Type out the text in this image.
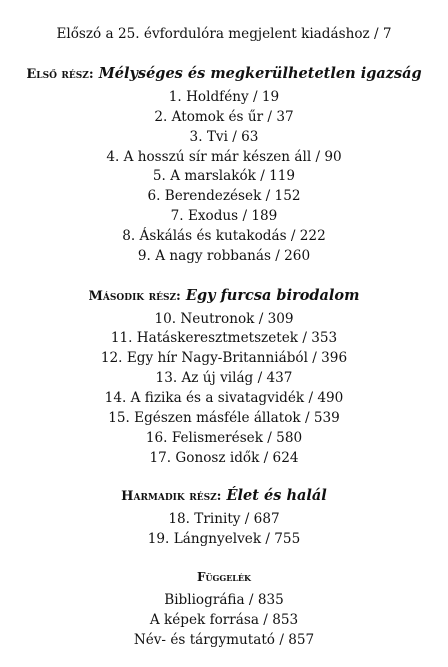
Előszó a 25. évfordulóra megjelent kiadáshoz / 7
Első rész: Mélységes és megkerülhetetlen igazság
1. Holdfény / 19
2. Atomok és űr / 37
3. Tvi / 63
4. A hosszú sír már készen áll / 90
5. A marslakók / 119
6. Berendezések / 152
7. Exodus / 189
8. Áskálás és kutakodás / 222
9. A nagy robbanás / 260
Második rész: Egy furcsa birodalom
10. Neutronok / 309
11. Hatáskeresztmetszetek / 353
12. Egy hír Nagy-Britanniából / 396
13. Az új világ / 437
14. A fizika és a sivatagvidék / 490
15. Egészen másféle állatok / 539
16. Felismerések / 580
17. Gonosz idők / 624
Harmadik rész: Élet és halál
18. Trinity / 687
19. Lángnyelvek / 755
Függelék
Bibliográfia / 835
A képek forrása / 853
Név- és tárgymutató / 857
